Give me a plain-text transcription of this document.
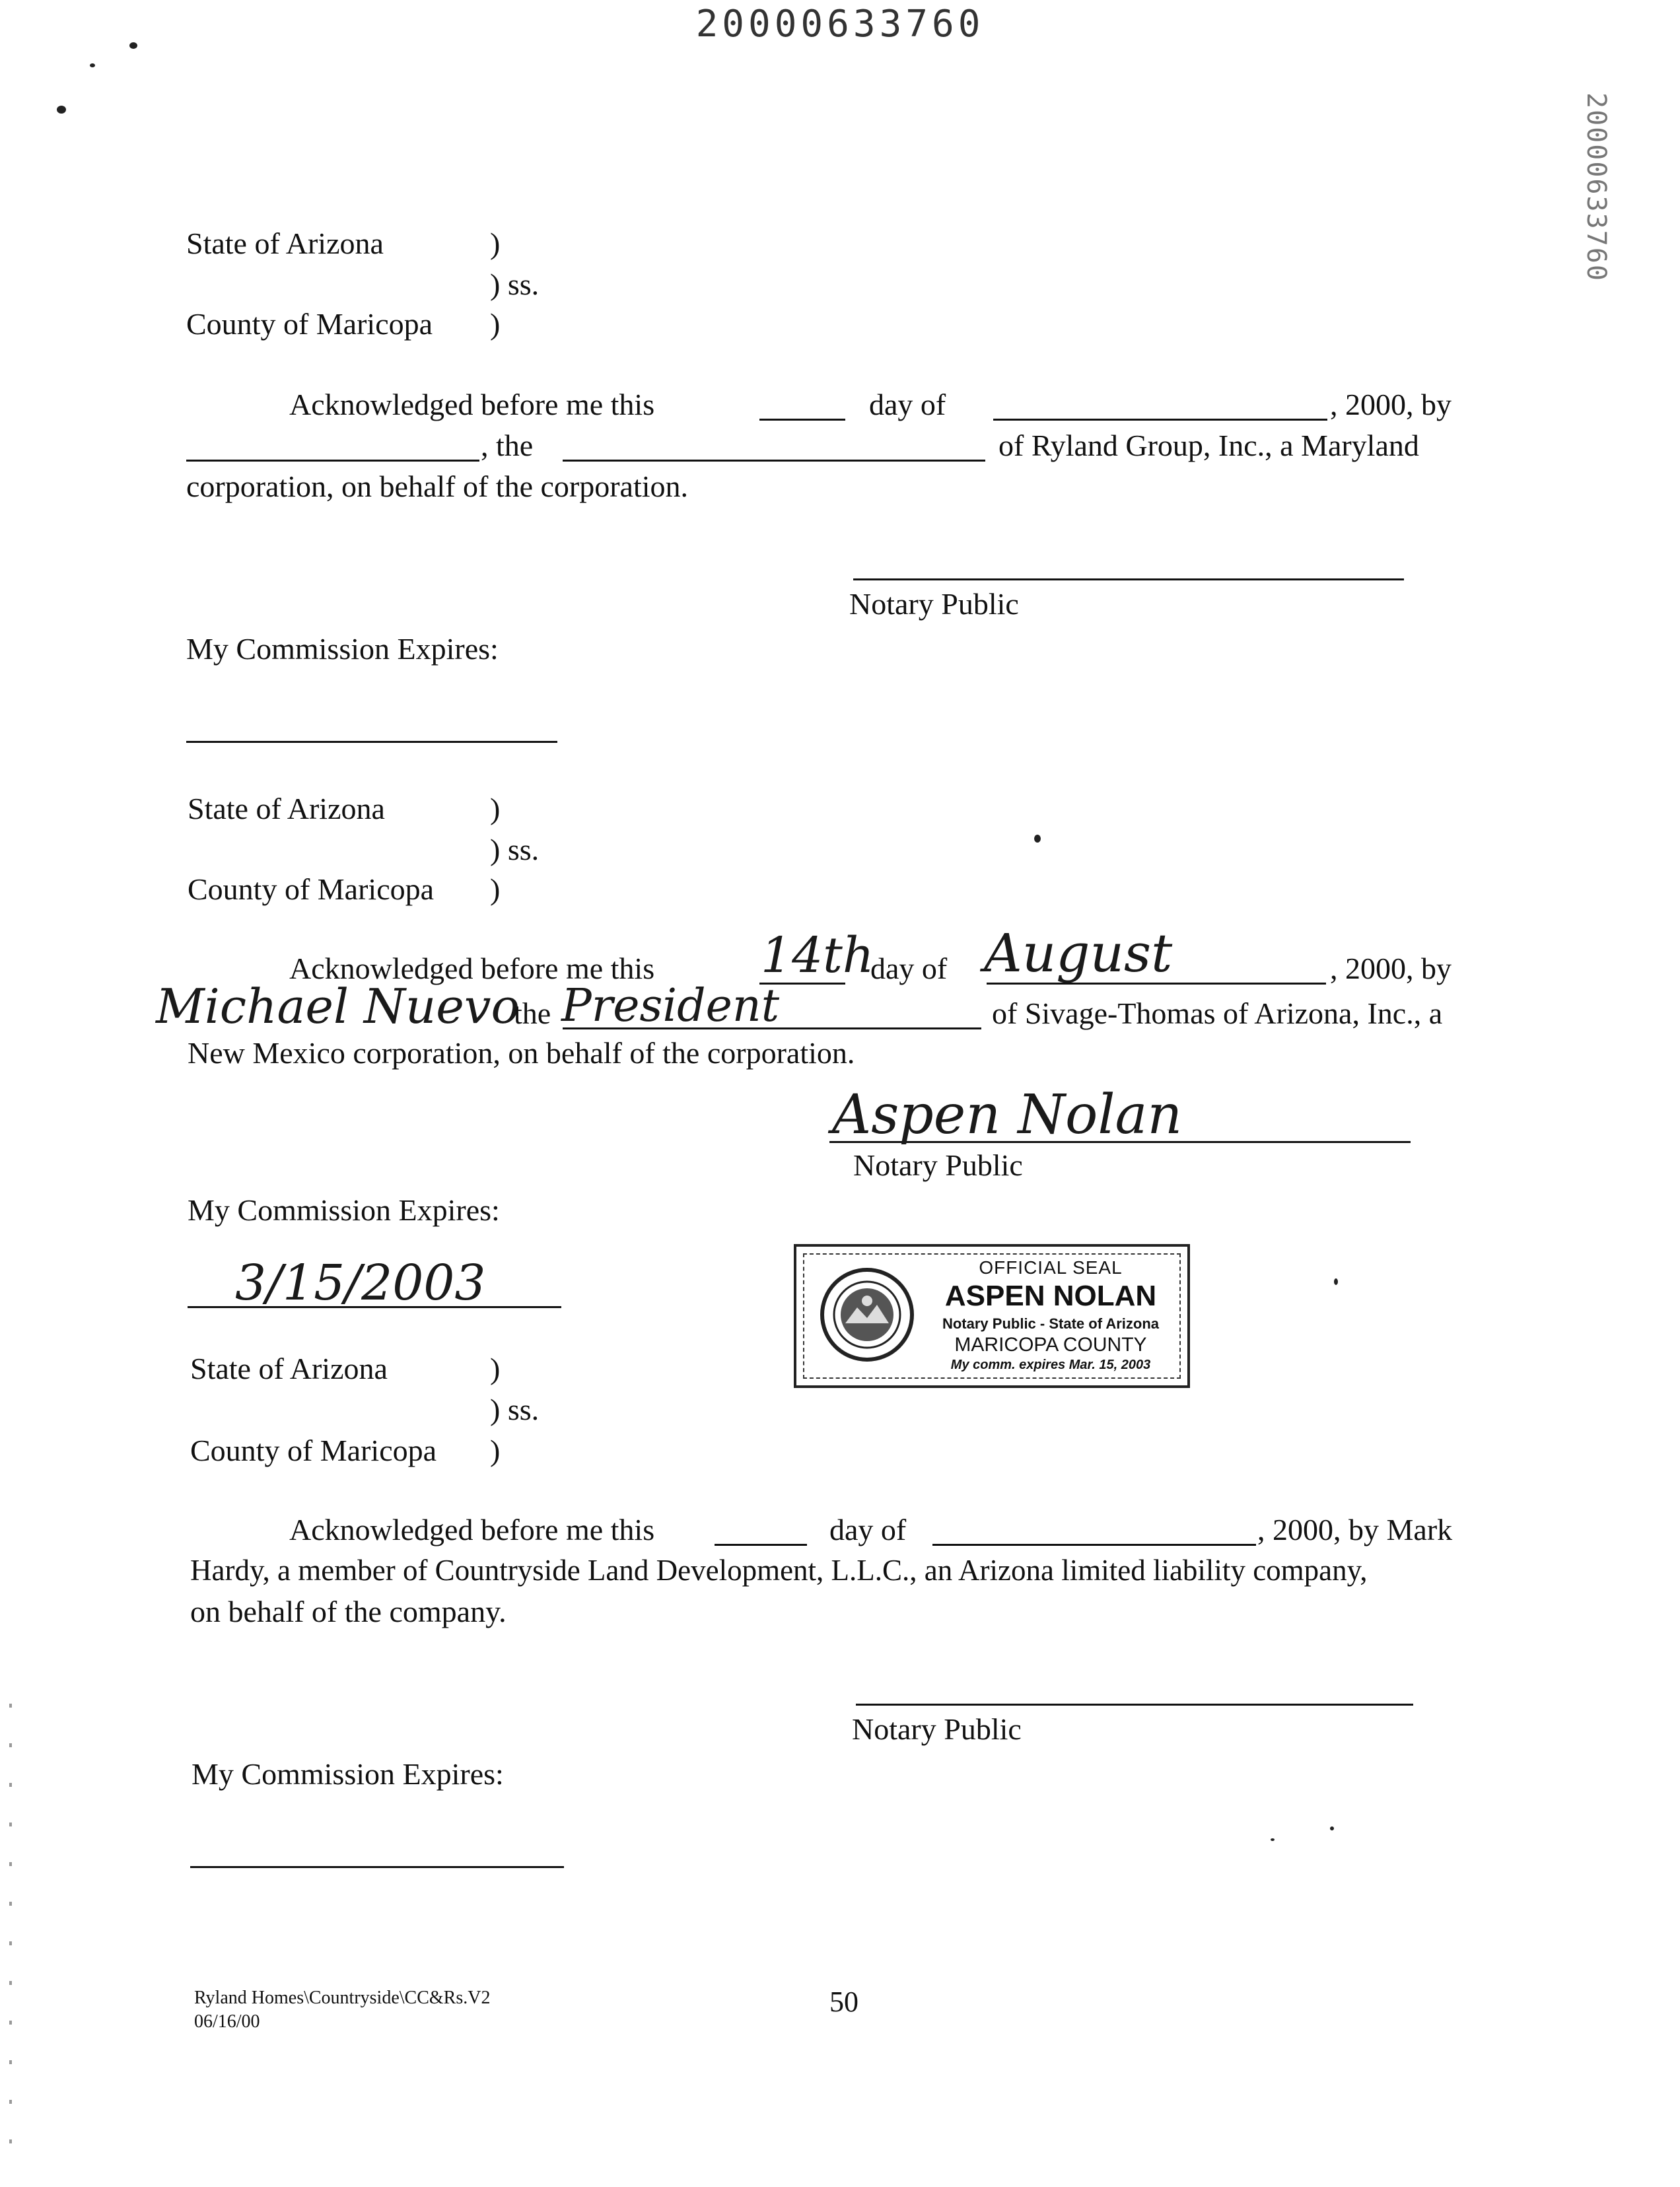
20000633760
20000633760
State of Arizona	)
) ss.
County of Maricopa )
Acknowledged before me this	day of	, 2000, by
, the	of Ryland Group, Inc., a Maryland
corporation, on behalf of the corporation.
Notary Public
My Commission Expires:
State of Arizona	)
) ss.
County of Maricopa )
Acknowledged before me this 14th
day of August	, 2000, by
Michael Nuevo
the President	of Sivage-Thomas of Arizona, Inc., a
New Mexico corporation, on behalf of the corporation.
Aspen Nolan
Notary Public
My Commission Expires:
3/15/2003	OFFICIAL SEAL
ASPEN NOLAN
Notary Public - State of Arizona
MARICOPA COUNTY
My comm. expires Mar. 15, 2003
State of Arizona	)
) ss.
County of Maricopa )
Acknowledged before me this	day of	, 2000, by Mark
Hardy, a member of Countryside Land Development, L.L.C., an Arizona limited liability company,
on behalf of the company.
Notary Public
My Commission Expires:
Ryland Homes\Countryside\CC&Rs.V2
06/16/00
50
